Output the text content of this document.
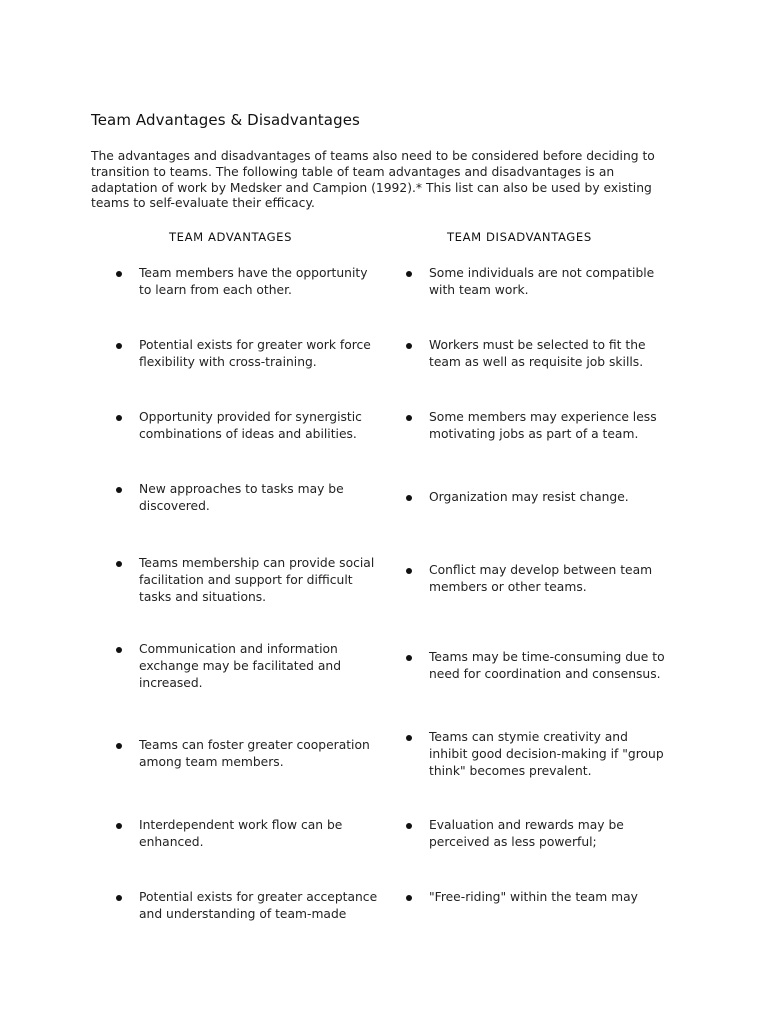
Team Advantages & Disadvantages
The advantages and disadvantages of teams also need to be considered before deciding to
transition to teams. The following table of team advantages and disadvantages is an
adaptation of work by Medsker and Campion (1992).* This list can also be used by existing
teams to self-evaluate their efficacy.
TEAM ADVANTAGES	TEAM DISADVANTAGES
Team members have the opportunity
to learn from each other.
Potential exists for greater work force
flexibility with cross-training.
Opportunity provided for synergistic
combinations of ideas and abilities.
New approaches to tasks may be
discovered.
Teams membership can provide social
facilitation and support for difficult
tasks and situations.
Communication and information
exchange may be facilitated and
increased.
Teams can foster greater cooperation
among team members.
Interdependent work flow can be
enhanced.
Potential exists for greater acceptance
and understanding of team-made
Some individuals are not compatible
with team work.
Workers must be selected to fit the
team as well as requisite job skills.
Some members may experience less
motivating jobs as part of a team.
Organization may resist change.
Conflict may develop between team
members or other teams.
Teams may be time-consuming due to
need for coordination and consensus.
Teams can stymie creativity and
inhibit good decision-making if "group
think" becomes prevalent.
Evaluation and rewards may be
perceived as less powerful;
"Free-riding" within the team may
